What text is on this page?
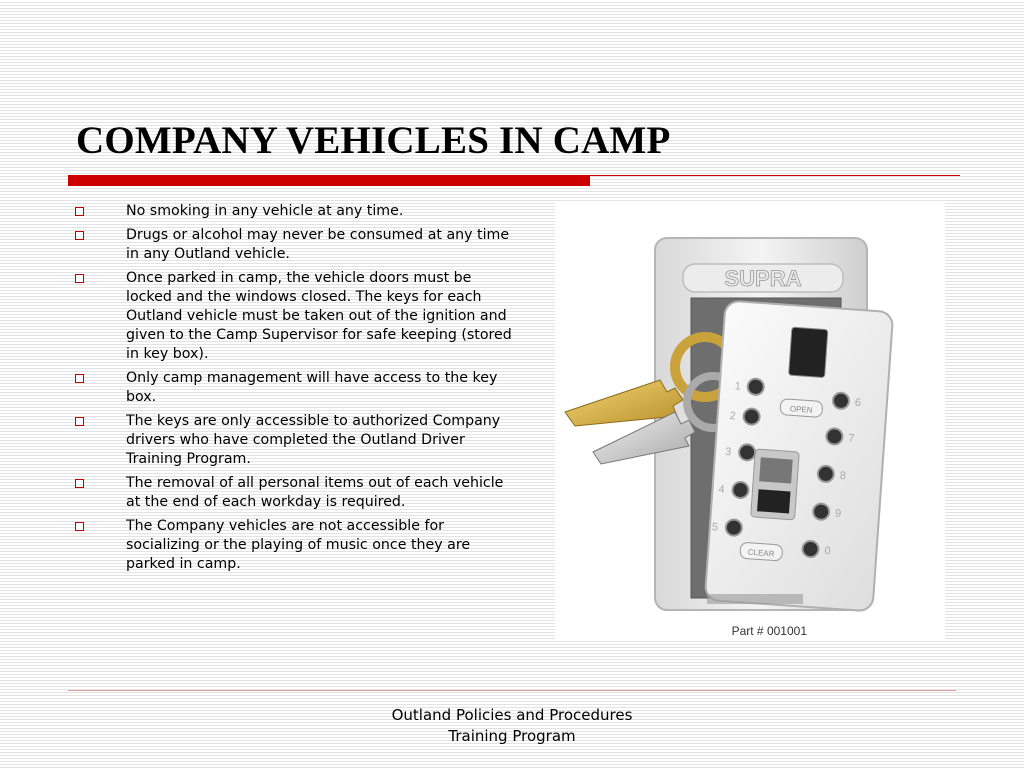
COMPANY VEHICLES IN CAMP
No smoking in any vehicle at any time.
Drugs or alcohol may never be consumed at any time in any Outland vehicle.
Once parked in camp, the vehicle doors must be locked and the windows closed. The keys for each Outland vehicle must be taken out of the ignition and given to the Camp Supervisor for safe keeping (stored in key box).
Only camp management will have access to the key box.
The keys are only accessible to authorized Company drivers who have completed the Outland Driver Training Program.
The removal of all personal items out of each vehicle at the end of each workday is required.
The Company vehicles are not accessible for socializing or the playing of music once they are parked in camp.
SUPRA
OPEN
CLEAR
1
2
3
4
5
6
7
8
9
0
Part # 001001
Outland Policies and Procedures
Training Program
